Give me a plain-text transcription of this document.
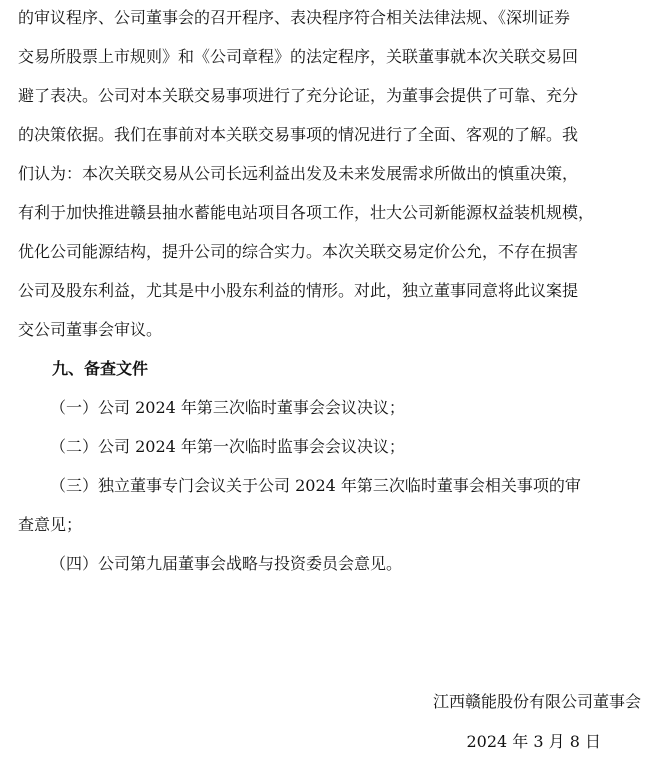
的审议程序、公司董事会的召开程序、表决程序符合相关法律法规、《深圳证券
交易所股票上市规则》和《公司章程》的法定程序，关联董事就本次关联交易回
避了表决。公司对本关联交易事项进行了充分论证，为董事会提供了可靠、充分
的决策依据。我们在事前对本关联交易事项的情况进行了全面、客观的了解。我
们认为：本次关联交易从公司长远利益出发及未来发展需求所做出的慎重决策，
有利于加快推进赣县抽水蓄能电站项目各项工作，壮大公司新能源权益装机规模，
优化公司能源结构，提升公司的综合实力。本次关联交易定价公允，不存在损害
公司及股东利益，尤其是中小股东利益的情形。对此，独立董事同意将此议案提
交公司董事会审议。
九、备查文件
（一）公司 2024 年第三次临时董事会会议决议；
（二）公司 2024 年第一次临时监事会会议决议；
（三）独立董事专门会议关于公司 2024 年第三次临时董事会相关事项的审
查意见；
（四）公司第九届董事会战略与投资委员会意见。
江西赣能股份有限公司董事会
2024 年 3 月 8 日
